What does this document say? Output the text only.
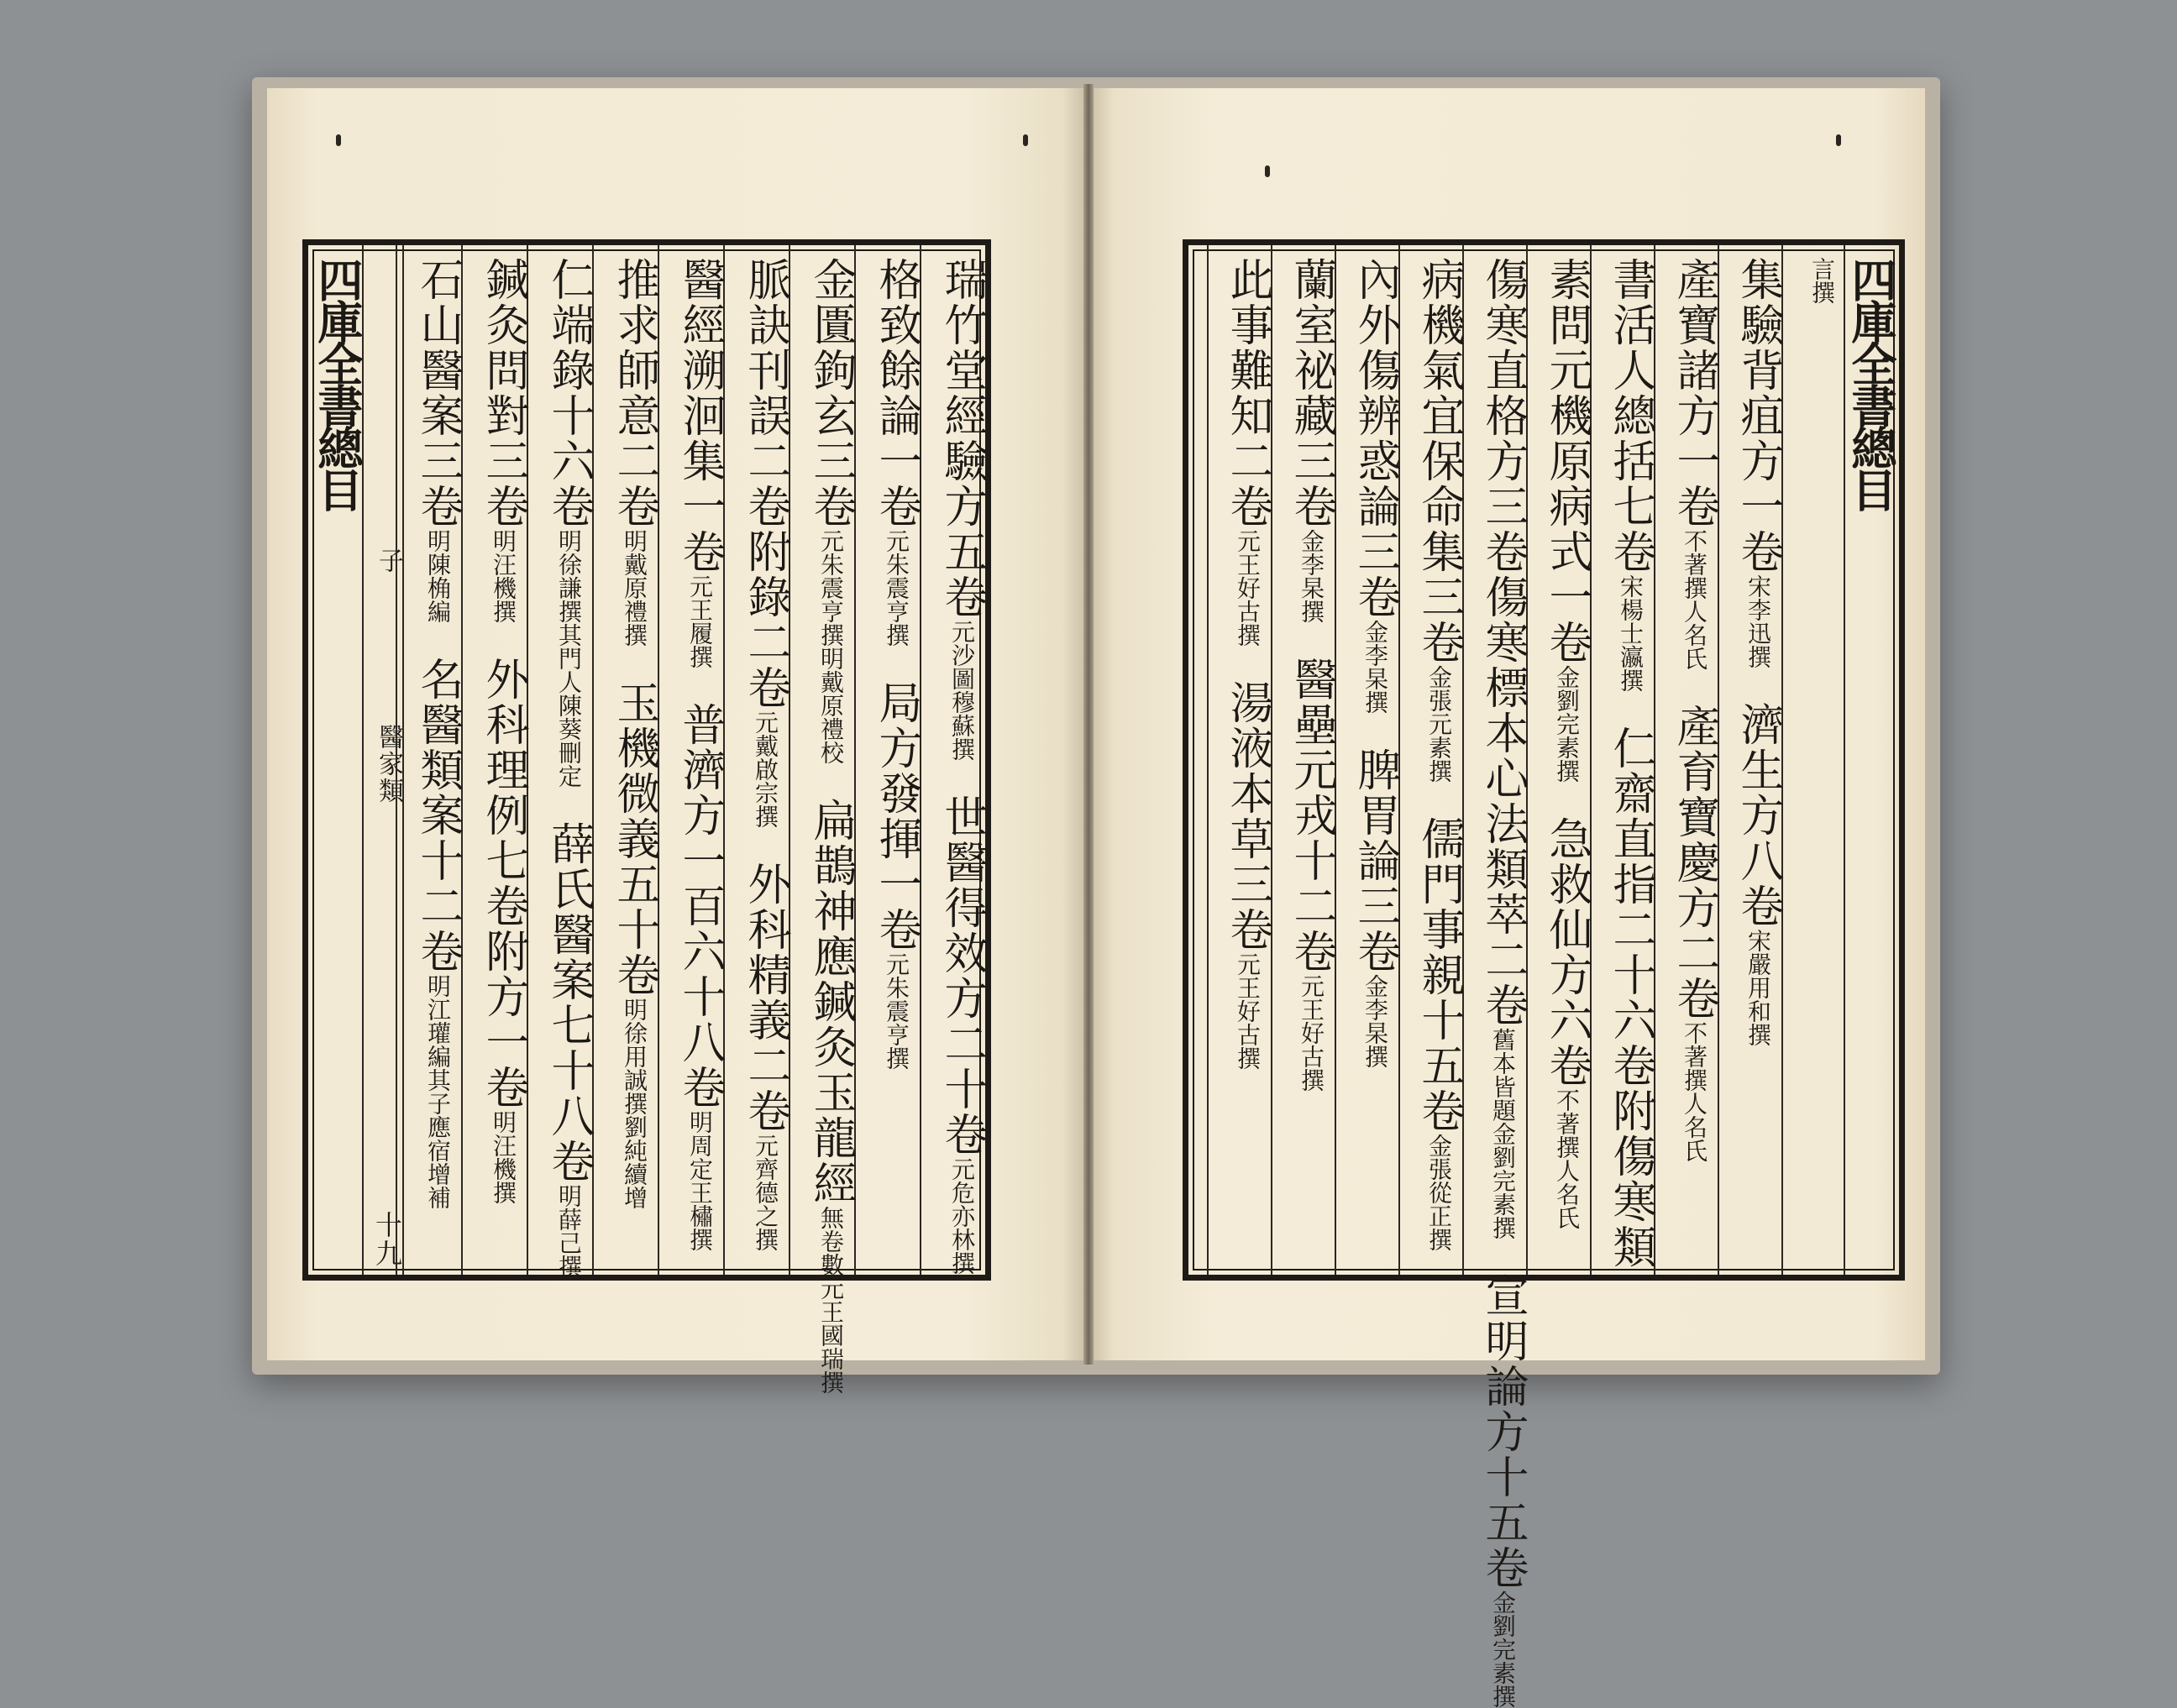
四庫全書總目
子
醫家類
十九
瑞竹堂經驗方五卷元沙圖穆蘇撰世醫得效方二十卷元危亦林撰
格致餘論一卷元朱震亨撰局方發揮一卷元朱震亨撰
金匱鉤玄三卷元朱震亨撰明戴原禮校扁鵲神應鍼灸玉龍經無卷數元王國瑞撰
脈訣刊誤二卷附錄二卷元戴啟宗撰外科精義二卷元齊德之撰
醫經溯洄集一卷元王履撰普濟方一百六十八卷明周定王橚撰
推求師意二卷明戴原禮撰玉機微義五十卷明徐用誠撰劉純續增
仁端錄十六卷明徐謙撰其門人陳葵刪定薛氏醫案七十八卷明薛己撰
鍼灸問對三卷明汪機撰外科理例七卷附方一卷明汪機撰
石山醫案三卷明陳桷編名醫類案十二卷明江瓘編其子應宿增補
四庫全書總目
言撰
集驗背疽方一卷宋李迅撰濟生方八卷宋嚴用和撰
產寶諸方一卷不著撰人名氏產育寶慶方二卷不著撰人名氏
書活人總括七卷宋楊士瀛撰仁齋直指二十六卷附傷寒類
素問元機原病式一卷金劉完素撰急救仙方六卷不著撰人名氏
傷寒直格方三卷傷寒標本心法類萃二卷舊本皆題金劉完素撰宣明論方十五卷金劉完素撰
病機氣宜保命集三卷金張元素撰儒門事親十五卷金張從正撰
內外傷辨惑論三卷金李杲撰脾胃論三卷金李杲撰
蘭室祕藏三卷金李杲撰醫壘元戎十二卷元王好古撰
此事難知二卷元王好古撰湯液本草三卷元王好古撰
